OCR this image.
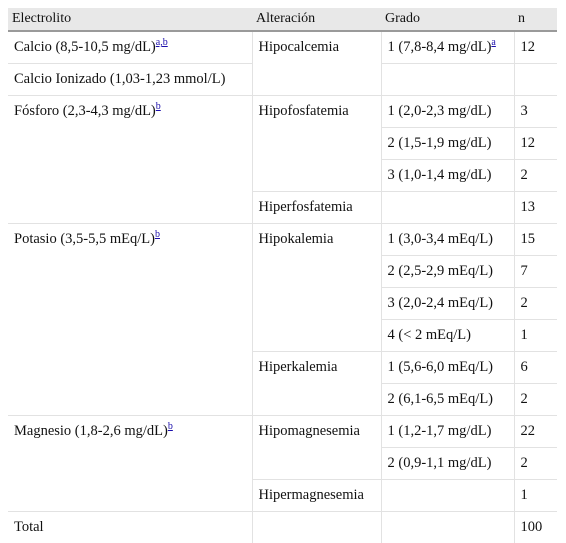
Electrolito	Alteración	Grado	n
Calcio (8,5-10,5 mg/dL)$^{a,b}$	Hipocalcemia	1 (7,8-8,4 mg/dL)$^a$	12
Calcio Ionizado (1,03-1,23 mmol/L)			
Fósforo (2,3-4,3 mg/dL)$^b$	Hipofosfatemia	1 (2,0-2,3 mg/dL)	3
		2 (1,5-1,9 mg/dL)	12
		3 (1,0-1,4 mg/dL)	2
	Hiperfosfatemia		13
Potasio (3,5-5,5 mEq/L)$^b$	Hipokalemia	1 (3,0-3,4 mEq/L)	15
		2 (2,5-2,9 mEq/L)	7
		3 (2,0-2,4 mEq/L)	2
		4 (< 2 mEq/L)	1
	Hiperkalemia	1 (5,6-6,0 mEq/L)	6
		2 (6,1-6,5 mEq/L)	2
Magnesio (1,8-2,6 mg/dL)$^b$	Hipomagnesemia	1 (1,2-1,7 mg/dL)	22
		2 (0,9-1,1 mg/dL)	2
	Hipermagnesemia		1
Total			100
